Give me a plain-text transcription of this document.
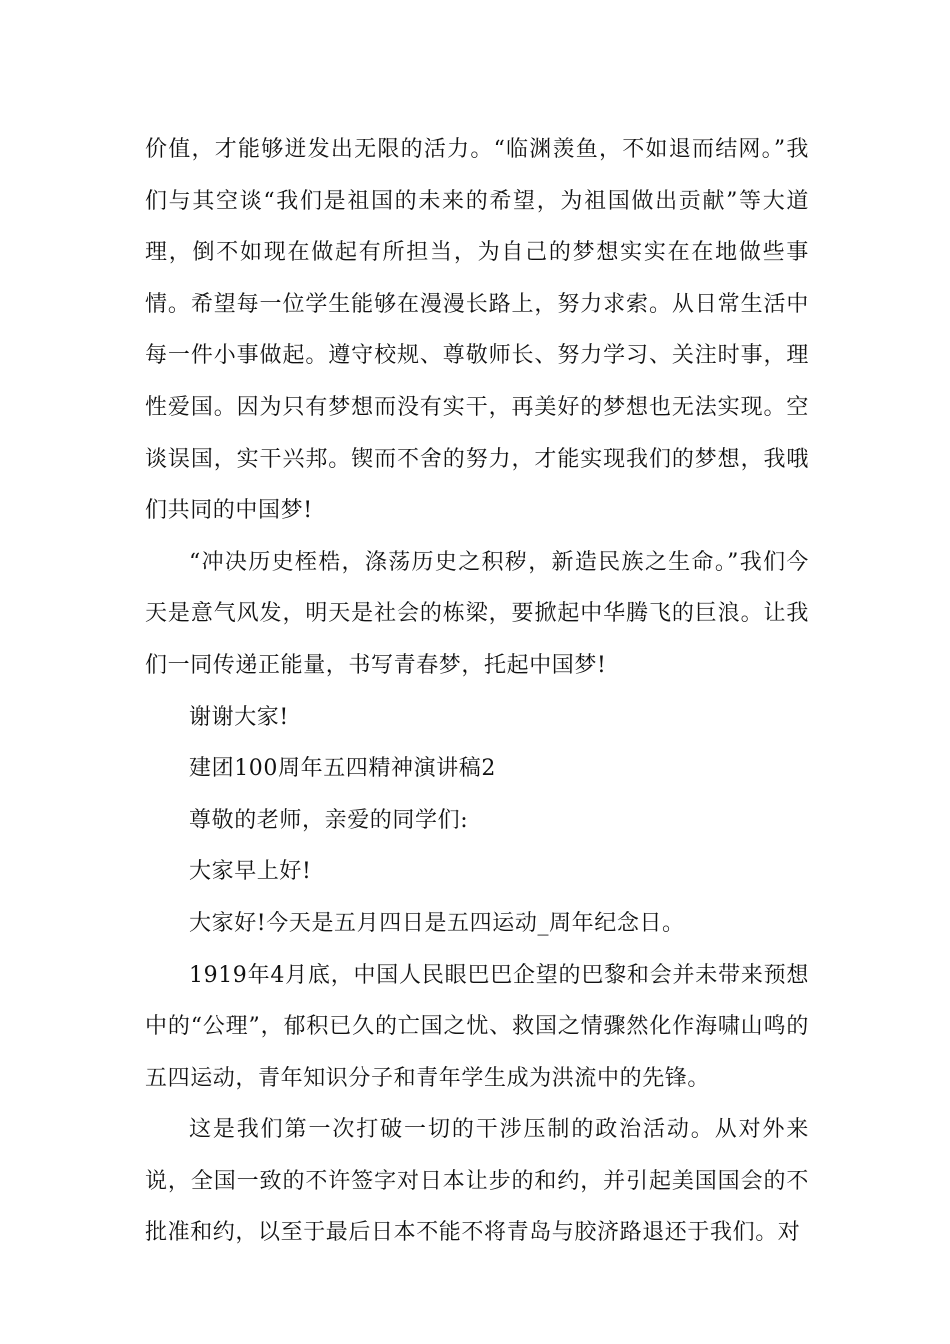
价值，才能够迸发出无限的活力。“临渊羡鱼，不如退而结网。”我们与其空谈“我们是祖国的未来的希望，为祖国做出贡献”等大道理，倒不如现在做起有所担当，为自己的梦想实实在在地做些事情。希望每一位学生能够在漫漫长路上，努力求索。从日常生活中每一件小事做起。遵守校规、尊敬师长、努力学习、关注时事，理性爱国。因为只有梦想而没有实干，再美好的梦想也无法实现。空谈误国，实干兴邦。锲而不舍的努力，才能实现我们的梦想，我哦们共同的中国梦!

“冲决历史桎梏，涤荡历史之积秽，新造民族之生命。”我们今天是意气风发，明天是社会的栋梁，要掀起中华腾飞的巨浪。让我们一同传递正能量，书写青春梦，托起中国梦!

谢谢大家!

建团100周年五四精神演讲稿2

尊敬的老师，亲爱的同学们:

大家早上好!

大家好!今天是五月四日是五四运动_周年纪念日。

1919年4月底，中国人民眼巴巴企望的巴黎和会并未带来预想中的“公理”，郁积已久的亡国之忧、救国之情骤然化作海啸山鸣的五四运动，青年知识分子和青年学生成为洪流中的先锋。

这是我们第一次打破一切的干涉压制的政治活动。从对外来说，全国一致的不许签字对日本让步的和约，并引起美国国会的不批准和约，以至于最后日本不能不将青岛与胶济路退还于我们。对
